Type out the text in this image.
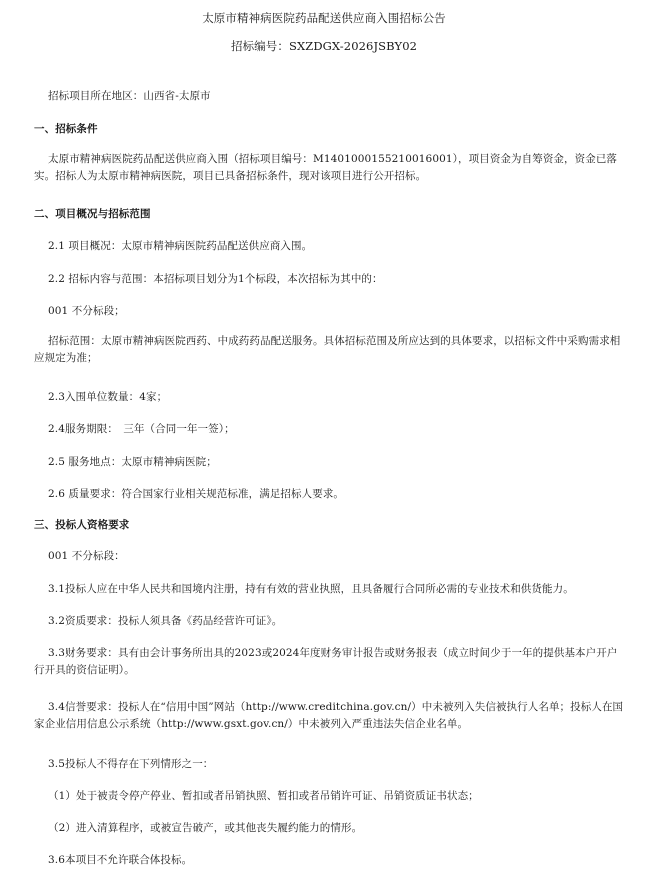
太原市精神病医院药品配送供应商入围招标公告
招标编号：SXZDGX-2026JSBY02
招标项目所在地区：山西省-太原市
一、招标条件
太原市精神病医院药品配送供应商入围（招标项目编号：M1401000155210016001），项目资金为自筹资金，资金已落实。招标人为太原市精神病医院，项目已具备招标条件，现对该项目进行公开招标。
二、项目概况与招标范围
2.1 项目概况：太原市精神病医院药品配送供应商入围。
2.2 招标内容与范围：本招标项目划分为1个标段，本次招标为其中的：
001 不分标段；
招标范围：太原市精神病医院西药、中成药药品配送服务。具体招标范围及所应达到的具体要求，以招标文件中采购需求相应规定为准；
2.3入围单位数量：4家；
2.4服务期限：　三年（合同一年一签）；
2.5 服务地点：太原市精神病医院；
2.6 质量要求：符合国家行业相关规范标准，满足招标人要求。
三、投标人资格要求
001 不分标段：
3.1投标人应在中华人民共和国境内注册，持有有效的营业执照，且具备履行合同所必需的专业技术和供货能力。
3.2资质要求：投标人须具备《药品经营许可证》。
3.3财务要求：具有由会计事务所出具的2023或2024年度财务审计报告或财务报表（成立时间少于一年的提供基本户开户行开具的资信证明）。
3.4信誉要求：投标人在“信用中国”网站（http://www.creditchina.gov.cn/）中未被列入失信被执行人名单；投标人在国家企业信用信息公示系统（http://www.gsxt.gov.cn/）中未被列入严重违法失信企业名单。
3.5投标人不得存在下列情形之一：
（1）处于被责令停产停业、暂扣或者吊销执照、暂扣或者吊销许可证、吊销资质证书状态；
（2）进入清算程序，或被宣告破产，或其他丧失履约能力的情形。
3.6本项目不允许联合体投标。
